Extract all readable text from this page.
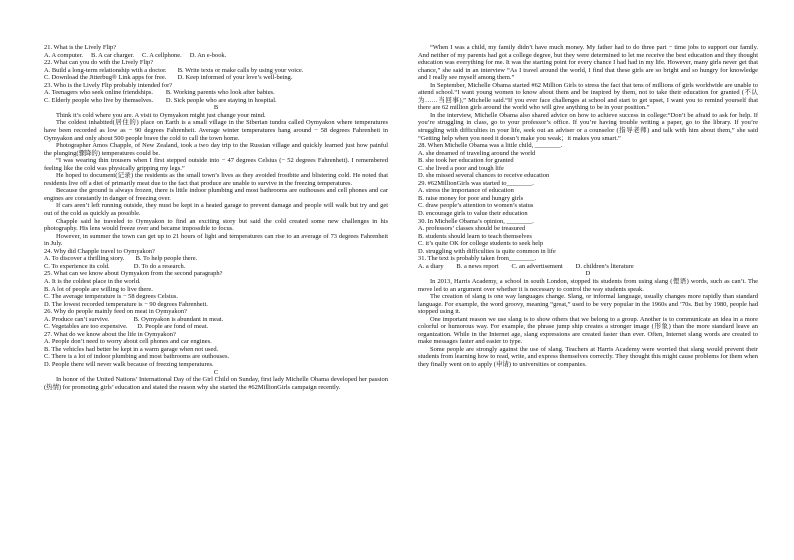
21. What is the Lively Flip?

A. A computer.     B. A car charger.     C. A cellphone.     D. An e-book.

22. What can you do with the Lively Flip?

A. Build a long-term relationship with a doctor.       B. Write texts or make calls by using your voice.

C. Download the Jitterbug® Link apps for free.       D. Keep informed of your love’s well-being.

23. Who is the Lively Flip probably intended for?

A. Teenagers who seek online friendships.        B. Working parents who look after babies.

C. Elderly people who live by themselves.        D. Sick people who are staying in hospital.

B

Think it’s cold where you are. A visit to Oymyakon might just change your mind.

The coldest inhabited(居住的) place on Earth is a small village in the Siberian tundra called Oymyakon where temperatures have been recorded as low as − 90 degrees Fahrenheit. Average winter temperatures hang around − 58 degrees Fahrenheit in Oymyakon and only about 500 people brave the cold to call the town home.

Photographer Amos Chapple, of New Zealand, took a two day trip to the Russian village and quickly learned just how painful the plunging(骤降的) temperatures could be.

“I was wearing thin trousers when I first stepped outside into − 47 degrees Celsius (− 52 degrees Fahrenheit). I remembered feeling like the cold was physically gripping my legs.”

He hoped to document(记录) the residents as the small town’s lives as they avoided frostbite and blistering cold. He noted that residents live off a diet of primarily meat due to the fact that produce are unable to survive in the freezing temperatures.

Because the ground is always frozen, there is little indoor plumbing and most bathrooms are outhouses and cell phones and car engines are constantly in danger of freezing over.

If cars aren’t left running outside, they must be kept in a heated garage to prevent damage and people will walk but try and get out of the cold as quickly as possible.

Chapple said he traveled to Oymyakon to find an exciting story but said the cold created some new challenges in his photography. His lens would freeze over and became impossible to focus.

However, in summer the town can get up to 21 hours of light and temperatures can rise to an average of 73 degrees Fahrenheit in July.

24. Why did Chapple travel to Oymyakon?

A. To discover a thrilling story.       B. To help people there.

C. To experience its cold.               D. To do a research.

25. What can we know about Oymyakon from the second paragraph?

A. It is the coldest place in the world.

B. A lot of people are willing to live there.

C. The average temperature is − 58 degrees Celsius.

D. The lowest recorded temperature is − 90 degrees Fahrenheit.

26. Why do people mainly feed on meat in Oymyakon?

A. Produce can’t survive.               B. Oymyakon is abundant in meat.

C. Vegetables are too expensive.      D. People are fond of meat.

27. What do we know about the life in Oymyakon?

A. People don’t need to worry about cell phones and car engines.

B. The vehicles had better be kept in a warm garage when not used.

C. There is a lot of indoor plumbing and most bathrooms are outhouses.

D. People there will never walk because of freezing temperatures.

C

In honor of the United Nations’ International Day of the Girl Child on Sunday, first lady Michelle Obama developed her passion (热情) for promoting girls’ education and stated the reason why she started the #62MillionGirls campaign recently.

“When I was a child, my family didn’t have much money. My father had to do three part − time jobs to support our family. And neither of my parents had got a college degree, but they were determined to let me receive the best education and they thought education was everything for me. It was the starting point for every chance I had had in my life. However, many girls never get that chance,” she said in an interview “As I travel around the world, I find that these girls are so bright and so hungry for knowledge and I really see myself among them.”

In September, Michelle Obama started #62 Million Girls to stress the fact that tens of millions of girls worldwide are unable to attend school.“I want young women to know about them and be inspired by them, not to take their education for granted (不认为……当回事),” Michelle said.“If you ever face challenges at school and start to get upset, I want you to remind yourself that there are 62 million girls around the world who will give anything to be in your position.”

In the interview, Michelle Obama also shared advice on how to achieve success in college:“Don’t be afraid to ask for help. If you’re struggling in class, go to your professor’s office. If you’re having trouble writing a paper, go to the library. If you’re struggling with difficulties in your life, seek out an adviser or a counselor (指导老师) and talk with him about them,” she said “Getting help when you need it doesn’t make you weak；it makes you smart.”

28. When Michelle Obama was a little child, ________.

A. she dreamed of traveling around the world

B. she took her education for granted

C. she lived a poor and tough life

D. she missed several chances to receive education

29. #62MillionGirls was started to________.

A. stress the importance of education

B. raise money for poor and hungry girls

C. draw people’s attention to women’s status

D. encourage girls to value their education

30. In Michelle Obama’s opinion, ________.

A. professors’ classes should be treasured

B. students should learn to teach themselves

C. it’s quite OK for college students to seek help

D. struggling with difficulties is quite common in life

31. The text is probably taken from________.

A. a diary        B. a news report        C. an advertisement        D. children’s literature

D

In 2013, Harris Academy, a school in south London, stopped its students from using slang (俚语) words, such as can’t. The move led to an argument over whether it is necessary to control the way students speak.

The creation of slang is one way languages change. Slang, or informal language, usually changes more rapidly than standard language. For example, the word groovy, meaning “great,” used to be very popular in the 1960s and ’70s. But by 1980, people had stopped using it.

One important reason we use slang is to show others that we belong to a group. Another is to communicate an idea in a more colorful or humorous way. For example, the phrase jump ship creates a stronger image (形象) than the more standard leave an organization. While in the Internet age, slang expressions are created faster than ever. Often, Internet slang words are created to make messages faster and easier to type.

Some people are strongly against the use of slang. Teachers at Harris Academy were worried that slang would prevent their students from learning how to read, write, and express themselves correctly. They thought this might cause problems for them when they finally went on to apply (申请) to universities or companies.
